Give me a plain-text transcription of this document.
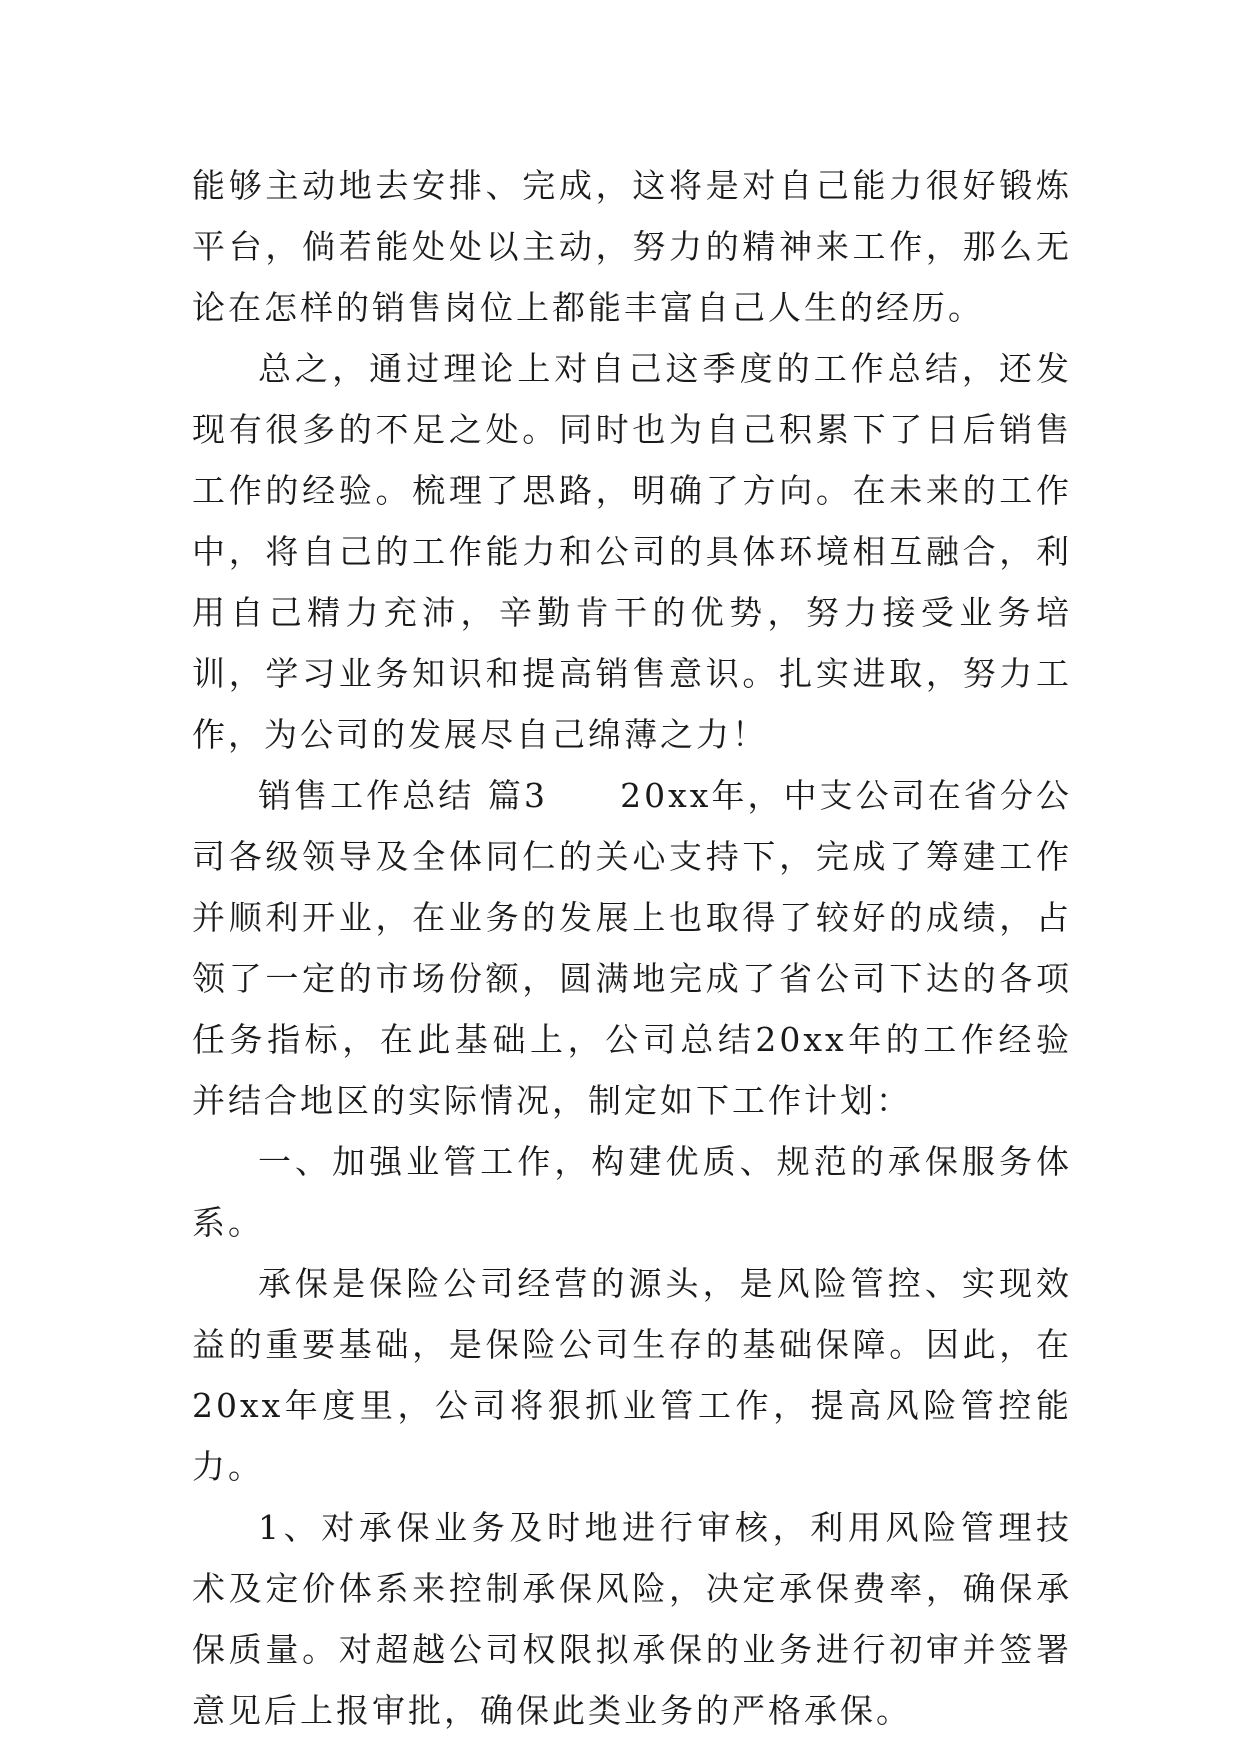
能够主动地去安排、完成，这将是对自己能力很好锻炼平台，倘若能处处以主动，努力的精神来工作，那么无论在怎样的销售岗位上都能丰富自己人生的经历。

总之，通过理论上对自己这季度的工作总结，还发现有很多的不足之处。同时也为自己积累下了日后销售工作的经验。梳理了思路，明确了方向。在未来的工作中，将自己的工作能力和公司的具体环境相互融合，利用自己精力充沛，辛勤肯干的优势，努力接受业务培训，学习业务知识和提高销售意识。扎实进取，努力工作，为公司的发展尽自己绵薄之力！

销售工作总结 篇3　　20xx年，中支公司在省分公司各级领导及全体同仁的关心支持下，完成了筹建工作并顺利开业，在业务的发展上也取得了较好的成绩，占领了一定的市场份额，圆满地完成了省公司下达的各项任务指标，在此基础上，公司总结20xx年的工作经验并结合地区的实际情况，制定如下工作计划：

一、加强业管工作，构建优质、规范的承保服务体系。

承保是保险公司经营的源头，是风险管控、实现效益的重要基础，是保险公司生存的基础保障。因此，在20xx年度里，公司将狠抓业管工作，提高风险管控能力。

1、对承保业务及时地进行审核，利用风险管理技术及定价体系来控制承保风险，决定承保费率，确保承保质量。对超越公司权限拟承保的业务进行初审并签署意见后上报审批，确保此类业务的严格承保。
